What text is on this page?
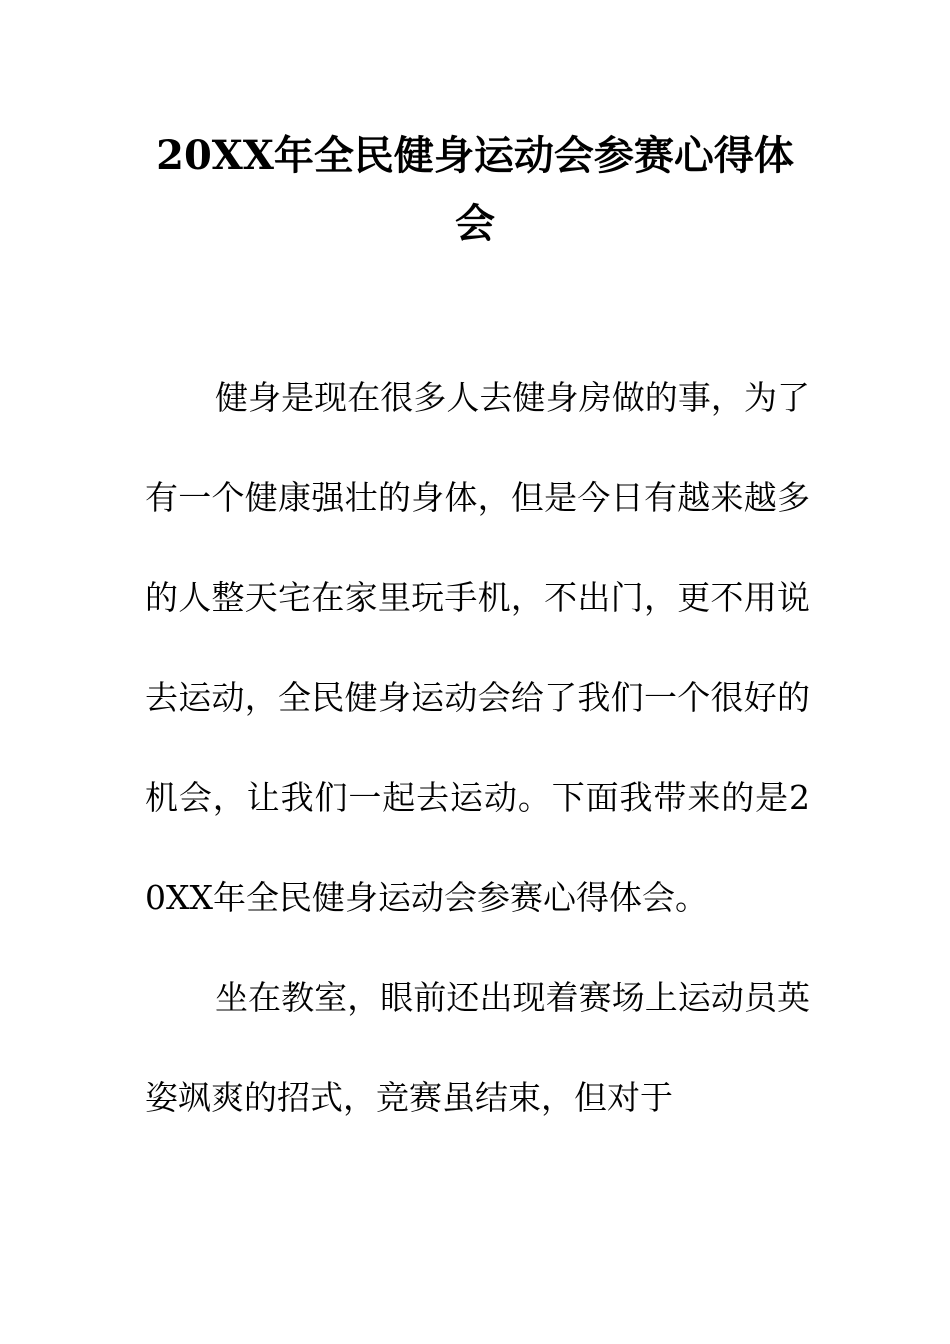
20XX年全民健身运动会参赛心得体会

健身是现在很多人去健身房做的事，为了有一个健康强壮的身体，但是今日有越来越多的人整天宅在家里玩手机，不出门，更不用说去运动，全民健身运动会给了我们一个很好的机会，让我们一起去运动。下面我带来的是20XX年全民健身运动会参赛心得体会。

坐在教室，眼前还出现着赛场上运动员英姿飒爽的招式，竞赛虽结束，但对于
